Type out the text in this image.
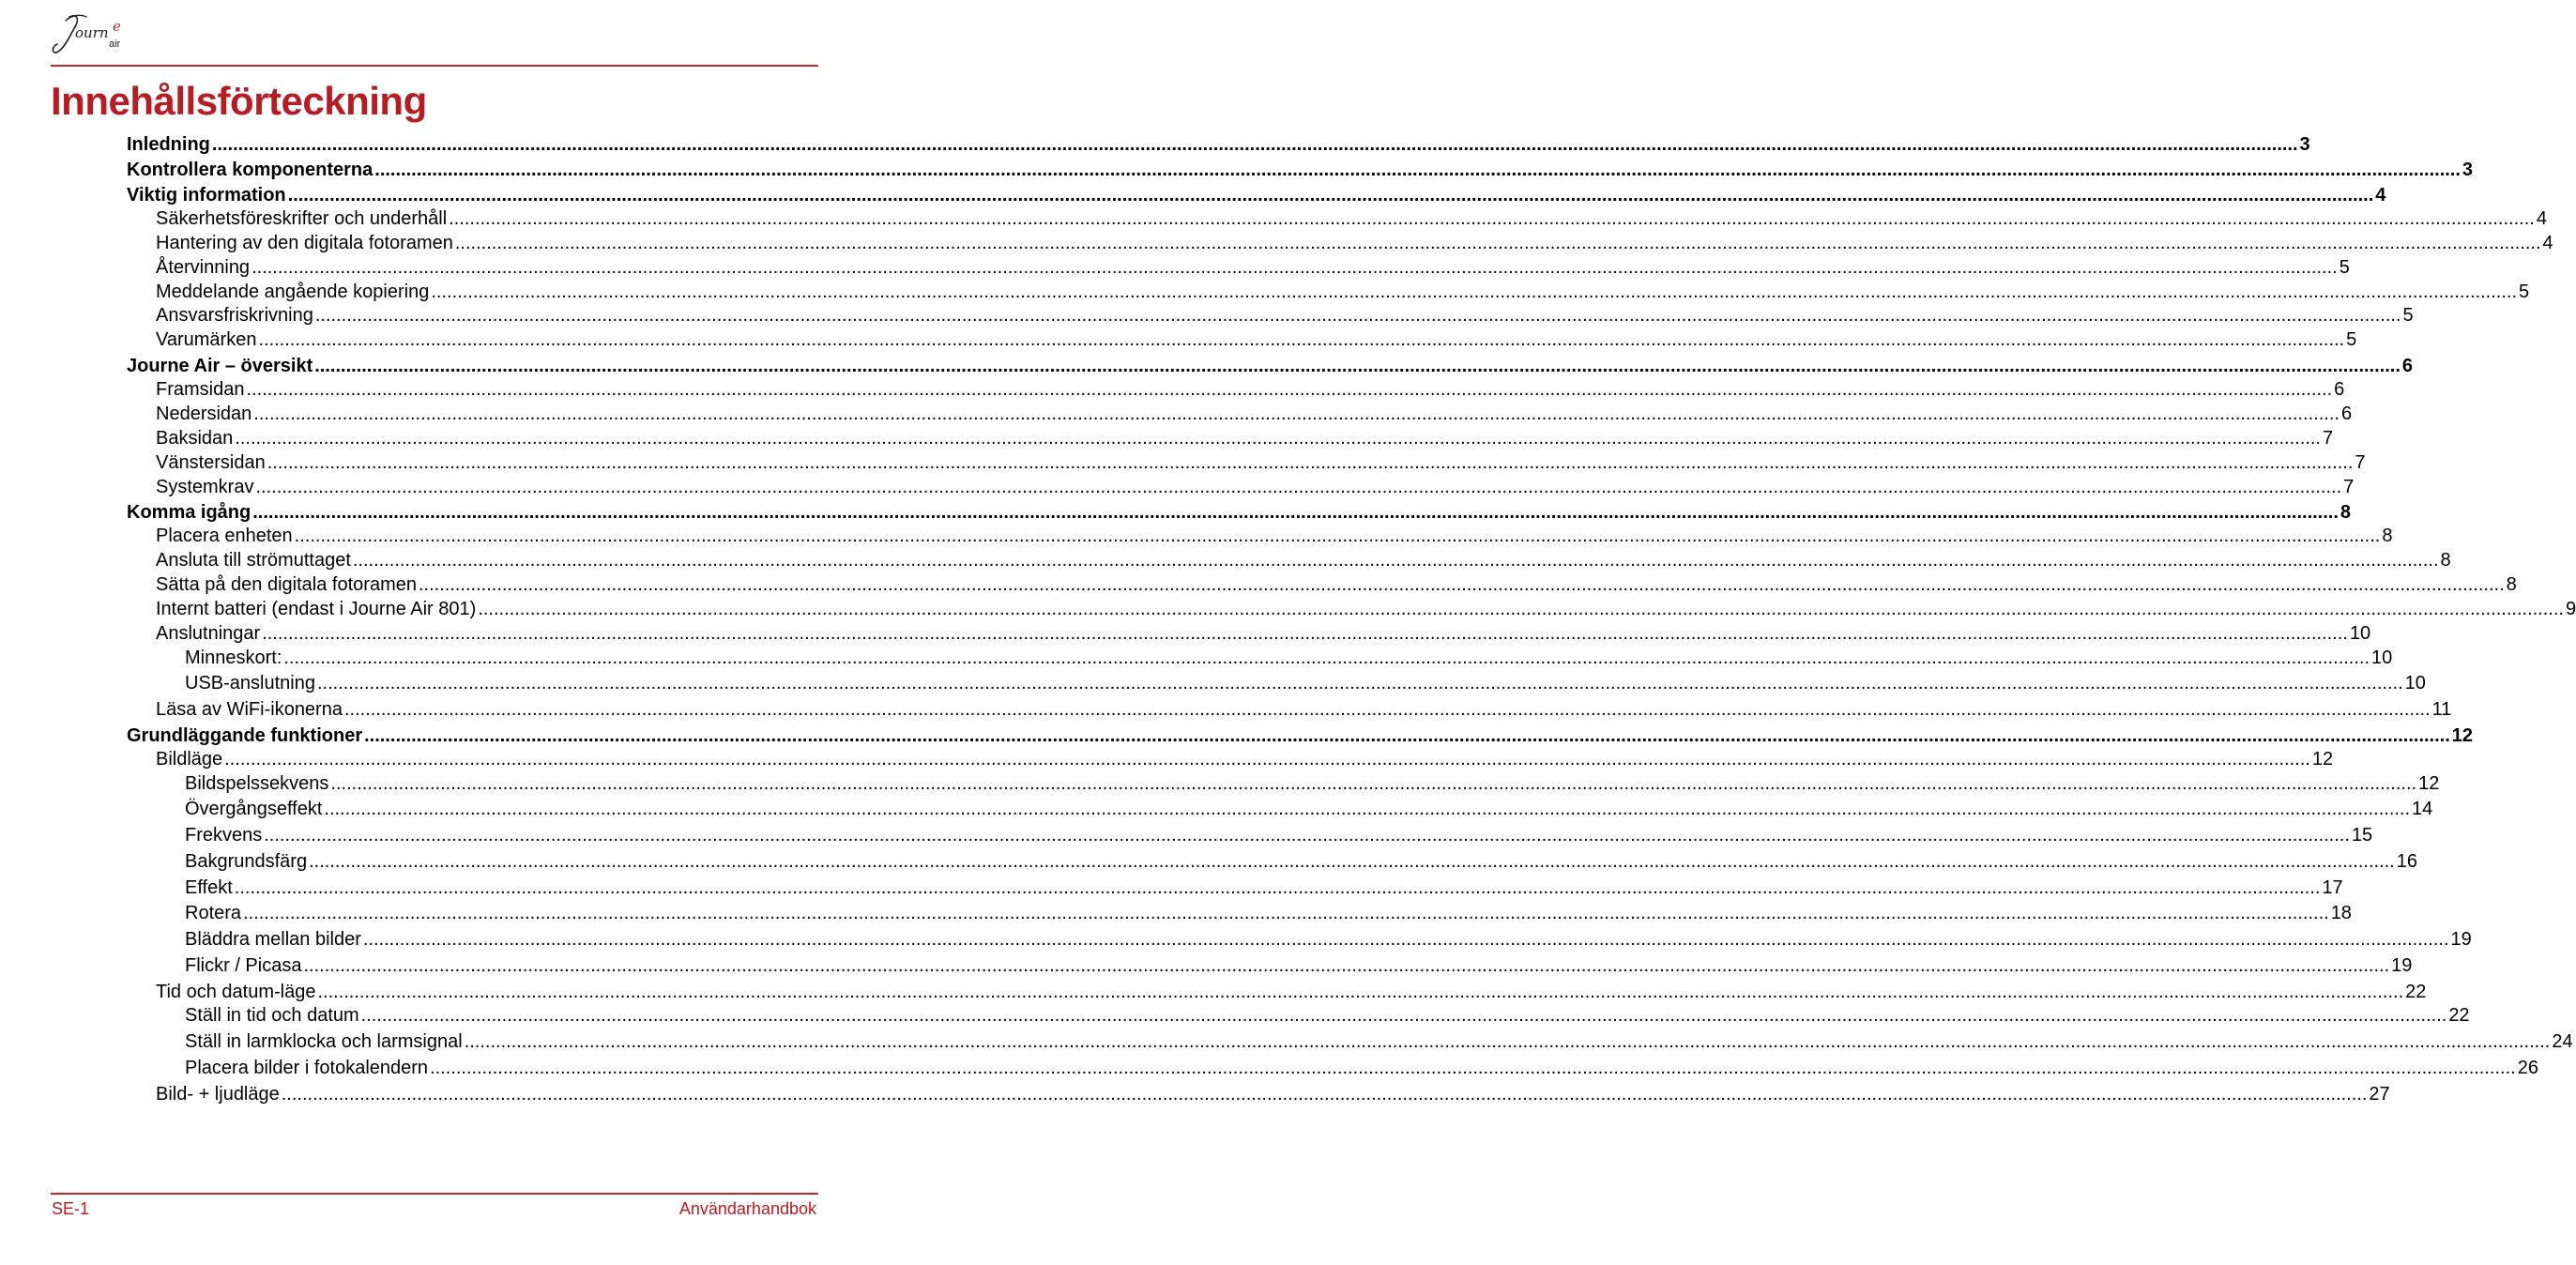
ourn e
air
Innehållsförteckning
Inledning ................................................................................................................................................................................................................................................................................................................................................................................................................ 3
Kontrollera komponenterna ................................................................................................................................................................................................................................................................................................................................................................................................................ 3
Viktig information ................................................................................................................................................................................................................................................................................................................................................................................................................ 4
Säkerhetsföreskrifter och underhåll ................................................................................................................................................................................................................................................................................................................................................................................................................ 4
Hantering av den digitala fotoramen ................................................................................................................................................................................................................................................................................................................................................................................................................ 4
Återvinning ................................................................................................................................................................................................................................................................................................................................................................................................................ 5
Meddelande angående kopiering ................................................................................................................................................................................................................................................................................................................................................................................................................ 5
Ansvarsfriskrivning ................................................................................................................................................................................................................................................................................................................................................................................................................ 5
Varumärken ................................................................................................................................................................................................................................................................................................................................................................................................................ 5
Journe Air – översikt ................................................................................................................................................................................................................................................................................................................................................................................................................ 6
Framsidan ................................................................................................................................................................................................................................................................................................................................................................................................................ 6
Nedersidan ................................................................................................................................................................................................................................................................................................................................................................................................................ 6
Baksidan ................................................................................................................................................................................................................................................................................................................................................................................................................ 7
Vänstersidan ................................................................................................................................................................................................................................................................................................................................................................................................................ 7
Systemkrav ................................................................................................................................................................................................................................................................................................................................................................................................................ 7
Komma igång ................................................................................................................................................................................................................................................................................................................................................................................................................ 8
Placera enheten ................................................................................................................................................................................................................................................................................................................................................................................................................ 8
Ansluta till strömuttaget ................................................................................................................................................................................................................................................................................................................................................................................................................ 8
Sätta på den digitala fotoramen ................................................................................................................................................................................................................................................................................................................................................................................................................ 8
Internt batteri (endast i Journe Air 801) ................................................................................................................................................................................................................................................................................................................................................................................................................ 9
Anslutningar ................................................................................................................................................................................................................................................................................................................................................................................................................ 10
Minneskort: ................................................................................................................................................................................................................................................................................................................................................................................................................ 10
USB-anslutning ................................................................................................................................................................................................................................................................................................................................................................................................................ 10
Läsa av WiFi-ikonerna ................................................................................................................................................................................................................................................................................................................................................................................................................ 11
Grundläggande funktioner ................................................................................................................................................................................................................................................................................................................................................................................................................ 12
Bildläge ................................................................................................................................................................................................................................................................................................................................................................................................................ 12
Bildspelssekvens ................................................................................................................................................................................................................................................................................................................................................................................................................ 12
Övergångseffekt ................................................................................................................................................................................................................................................................................................................................................................................................................ 14
Frekvens ................................................................................................................................................................................................................................................................................................................................................................................................................ 15
Bakgrundsfärg ................................................................................................................................................................................................................................................................................................................................................................................................................ 16
Effekt ................................................................................................................................................................................................................................................................................................................................................................................................................ 17
Rotera ................................................................................................................................................................................................................................................................................................................................................................................................................ 18
Bläddra mellan bilder ................................................................................................................................................................................................................................................................................................................................................................................................................ 19
Flickr / Picasa ................................................................................................................................................................................................................................................................................................................................................................................................................ 19
Tid och datum-läge ................................................................................................................................................................................................................................................................................................................................................................................................................ 22
Ställ in tid och datum ................................................................................................................................................................................................................................................................................................................................................................................................................ 22
Ställ in larmklocka och larmsignal ................................................................................................................................................................................................................................................................................................................................................................................................................ 24
Placera bilder i fotokalendern ................................................................................................................................................................................................................................................................................................................................................................................................................ 26
Bild- + ljudläge ................................................................................................................................................................................................................................................................................................................................................................................................................ 27
SE-1	Användarhandbok
